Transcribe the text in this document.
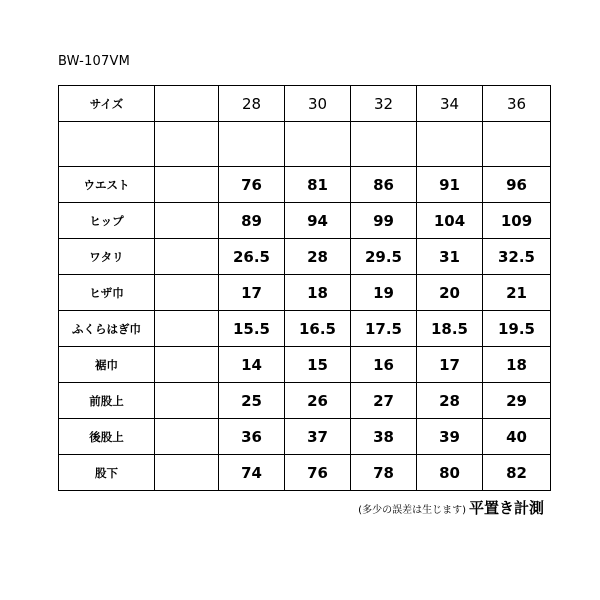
BW-107VM
サイズ		28	30	32	34	36

ウエスト		76	81	86	91	96
ヒップ		89	94	99	104	109
ワタリ		26.5	28	29.5	31	32.5
ヒザ巾		17	18	19	20	21
ふくらはぎ巾		15.5	16.5	17.5	18.5	19.5
裾巾		14	15	16	17	18
前股上		25	26	27	28	29
後股上		36	37	38	39	40
股下		74	76	78	80	82
(多少の誤差は生じます) 平置き計測
